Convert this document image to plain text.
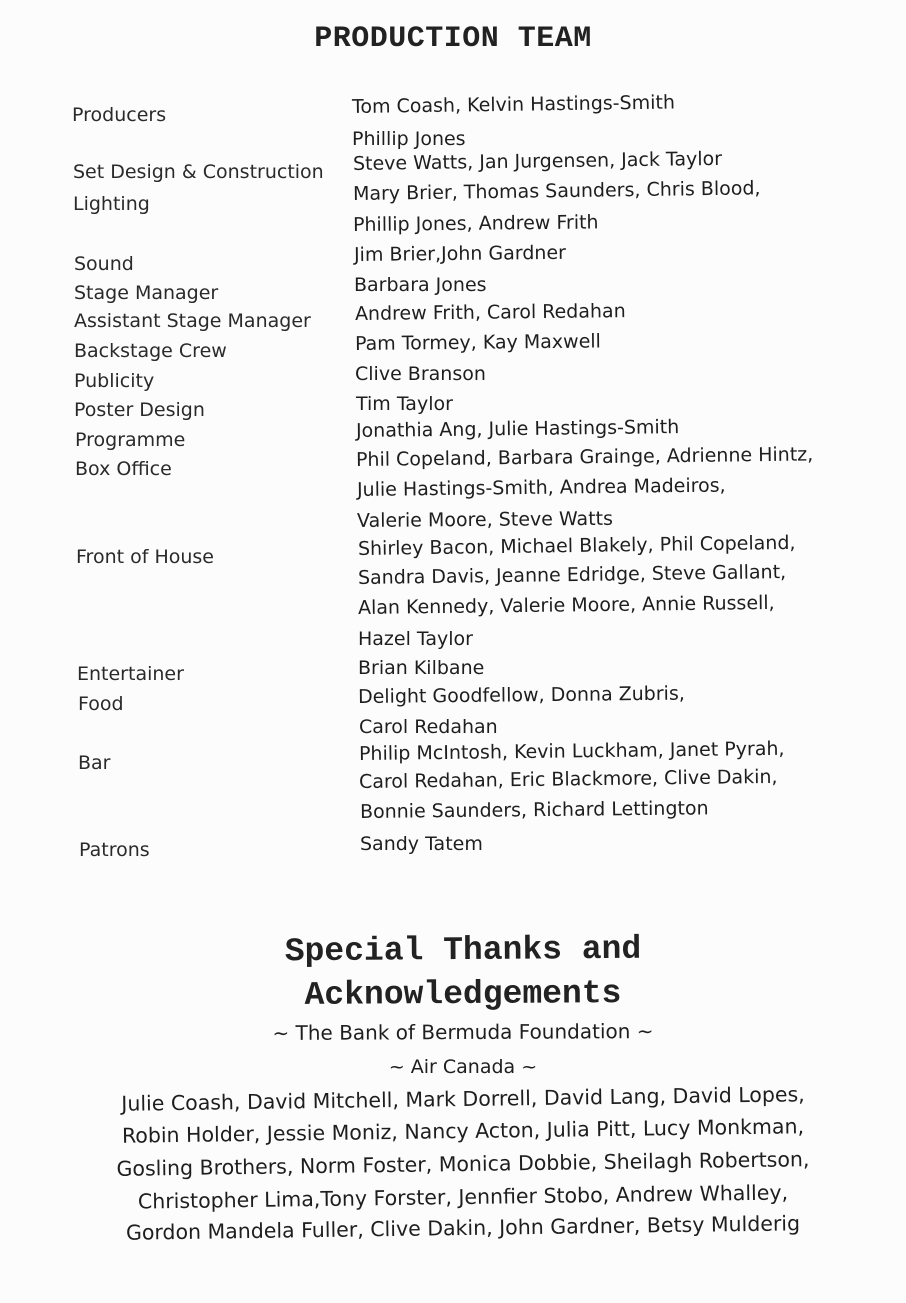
PRODUCTION TEAM
Producers
Set Design & Construction
Lighting
Sound
Stage Manager
Assistant Stage Manager
Backstage Crew
Publicity
Poster Design
Programme
Box Office
Front of House
Entertainer
Food
Bar
Patrons
Tom Coash, Kelvin Hastings-Smith
Phillip Jones
Steve Watts, Jan Jurgensen, Jack Taylor
Mary Brier, Thomas Saunders, Chris Blood,
Phillip Jones, Andrew Frith
Jim Brier,John Gardner
Barbara Jones
Andrew Frith, Carol Redahan
Pam Tormey, Kay Maxwell
Clive Branson
Tim Taylor
Jonathia Ang, Julie Hastings-Smith
Phil Copeland, Barbara Grainge, Adrienne Hintz,
Julie Hastings-Smith, Andrea Madeiros,
Valerie Moore, Steve Watts
Shirley Bacon, Michael Blakely, Phil Copeland,
Sandra Davis, Jeanne Edridge, Steve Gallant,
Alan Kennedy, Valerie Moore, Annie Russell,
Hazel Taylor
Brian Kilbane
Delight Goodfellow, Donna Zubris,
Carol Redahan
Philip McIntosh, Kevin Luckham, Janet Pyrah,
Carol Redahan, Eric Blackmore, Clive Dakin,
Bonnie Saunders, Richard Lettington
Sandy Tatem
Special Thanks and
Acknowledgements
~ The Bank of Bermuda Foundation ~
~ Air Canada ~
Julie Coash, David Mitchell, Mark Dorrell, David Lang, David Lopes,
Robin Holder, Jessie Moniz, Nancy Acton, Julia Pitt, Lucy Monkman,
Gosling Brothers, Norm Foster, Monica Dobbie, Sheilagh Robertson,
Christopher Lima,Tony Forster, Jennfier Stobo, Andrew Whalley,
Gordon Mandela Fuller, Clive Dakin, John Gardner, Betsy Mulderig
